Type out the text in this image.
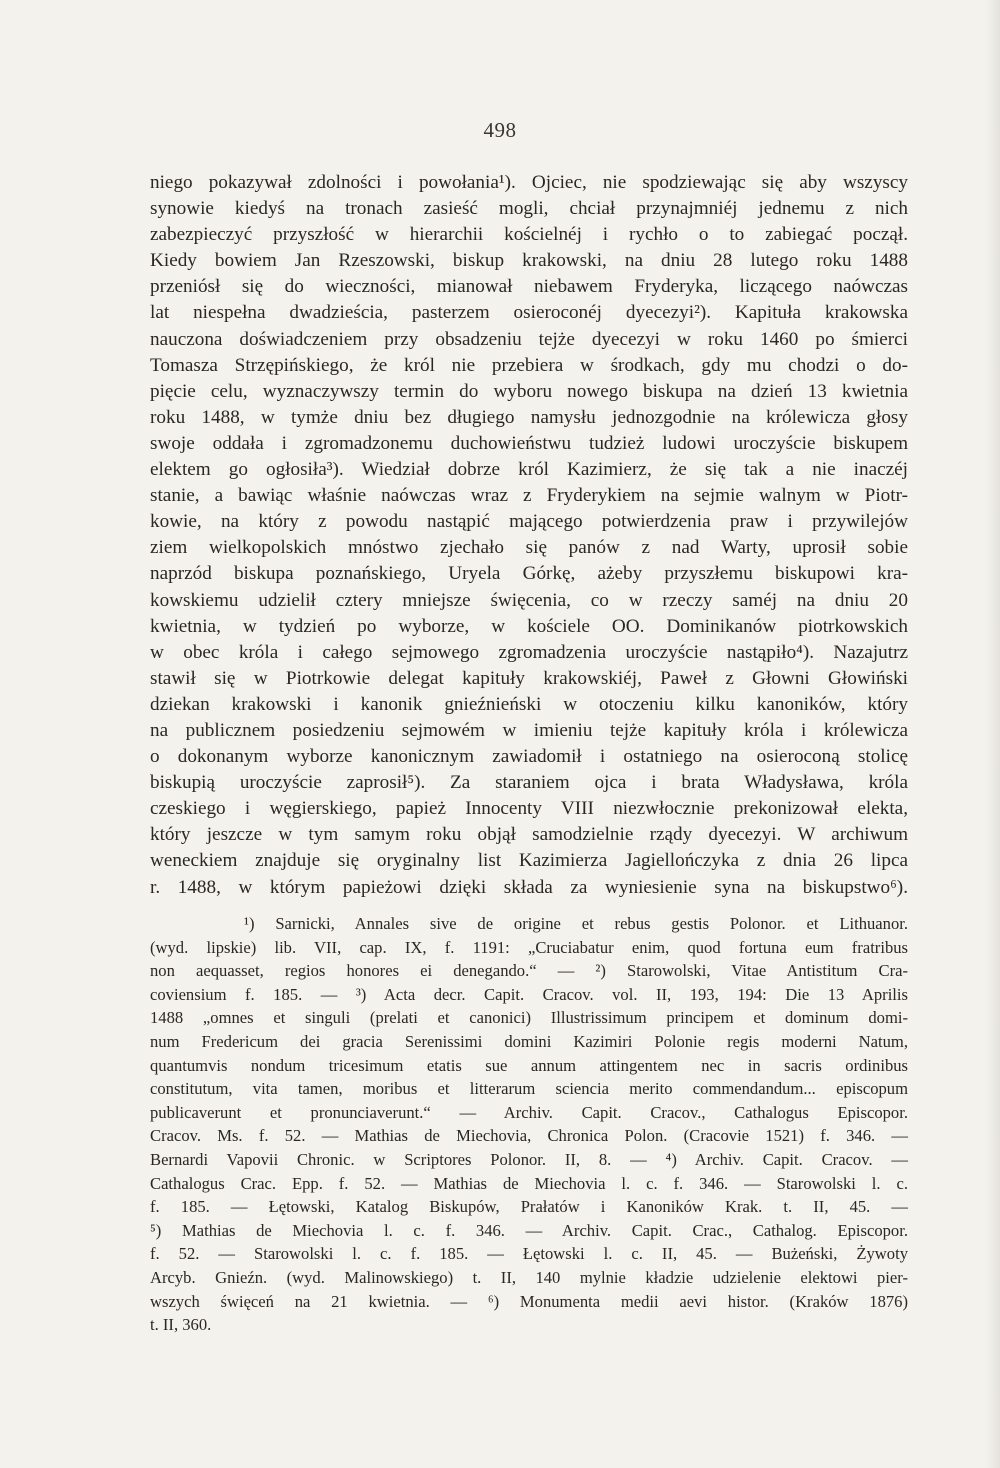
498
niego pokazywał zdolności i powołania¹). Ojciec, nie spodziewając się aby wszyscy
synowie kiedyś na tronach zasieść mogli, chciał przynajmniéj jednemu z nich
zabezpieczyć przyszłość w hierarchii kościelnéj i rychło o to zabiegać począł.
Kiedy bowiem Jan Rzeszowski, biskup krakowski, na dniu 28 lutego roku 1488
przeniósł się do wieczności, mianował niebawem Fryderyka, liczącego naówczas
lat niespełna dwadzieścia, pasterzem osieroconéj dyecezyi²). Kapituła krakowska
nauczona doświadczeniem przy obsadzeniu tejże dyecezyi w roku 1460 po śmierci
Tomasza Strzępińskiego, że król nie przebiera w środkach, gdy mu chodzi o do-
pięcie celu, wyznaczywszy termin do wyboru nowego biskupa na dzień 13 kwietnia
roku 1488, w tymże dniu bez długiego namysłu jednozgodnie na królewicza głosy
swoje oddała i zgromadzonemu duchowieństwu tudzież ludowi uroczyście biskupem
elektem go ogłosiła³). Wiedział dobrze król Kazimierz, że się tak a nie inaczéj
stanie, a bawiąc właśnie naówczas wraz z Fryderykiem na sejmie walnym w Piotr-
kowie, na który z powodu nastąpić mającego potwierdzenia praw i przywilejów
ziem wielkopolskich mnóstwo zjechało się panów z nad Warty, uprosił sobie
naprzód biskupa poznańskiego, Uryela Górkę, ażeby przyszłemu biskupowi kra-
kowskiemu udzielił cztery mniejsze święcenia, co w rzeczy saméj na dniu 20
kwietnia, w tydzień po wyborze, w kościele OO. Dominikanów piotrkowskich
w obec króla i całego sejmowego zgromadzenia uroczyście nastąpiło⁴). Nazajutrz
stawił się w Piotrkowie delegat kapituły krakowskiéj, Paweł z Głowni Głowiński
dziekan krakowski i kanonik gnieźnieński w otoczeniu kilku kanoników, który
na publicznem posiedzeniu sejmowém w imieniu tejże kapituły króla i królewicza
o dokonanym wyborze kanonicznym zawiadomił i ostatniego na osieroconą stolicę
biskupią uroczyście zaprosił⁵). Za staraniem ojca i brata Władysława, króla
czeskiego i węgierskiego, papież Innocenty VIII niezwłocznie prekonizował elekta,
który jeszcze w tym samym roku objął samodzielnie rządy dyecezyi. W archiwum
weneckiem znajduje się oryginalny list Kazimierza Jagiellończyka z dnia 26 lipca
r. 1488, w którym papieżowi dzięki składa za wyniesienie syna na biskupstwo⁶).
¹) Sarnicki, Annales sive de origine et rebus gestis Polonor. et Lithuanor.
(wyd. lipskie) lib. VII, cap. IX, f. 1191: „Cruciabatur enim, quod fortuna eum fratribus
non aequasset, regios honores ei denegando.“ — ²) Starowolski, Vitae Antistitum Cra-
coviensium f. 185. — ³) Acta decr. Capit. Cracov. vol. II, 193, 194: Die 13 Aprilis
1488 „omnes et singuli (prelati et canonici) Illustrissimum principem et dominum domi-
num Fredericum dei gracia Serenissimi domini Kazimiri Polonie regis moderni Natum,
quantumvis nondum tricesimum etatis sue annum attingentem nec in sacris ordinibus
constitutum, vita tamen, moribus et litterarum sciencia merito commendandum... episcopum
publicaverunt et pronunciaverunt.“ — Archiv. Capit. Cracov., Cathalogus Episcopor.
Cracov. Ms. f. 52. — Mathias de Miechovia, Chronica Polon. (Cracovie 1521) f. 346. —
Bernardi Vapovii Chronic. w Scriptores Polonor. II, 8. — ⁴) Archiv. Capit. Cracov. —
Cathalogus Crac. Epp. f. 52. — Mathias de Miechovia l. c. f. 346. — Starowolski l. c.
f. 185. — Łętowski, Katalog Biskupów, Prałatów i Kanoników Krak. t. II, 45. —
⁵) Mathias de Miechovia l. c. f. 346. — Archiv. Capit. Crac., Cathalog. Episcopor.
f. 52. — Starowolski l. c. f. 185. — Łętowski l. c. II, 45. — Bużeński, Żywoty
Arcyb. Gnieźn. (wyd. Malinowskiego) t. II, 140 mylnie kładzie udzielenie elektowi pier-
wszych święceń na 21 kwietnia. — ⁶) Monumenta medii aevi histor. (Kraków 1876)
t. II, 360.
